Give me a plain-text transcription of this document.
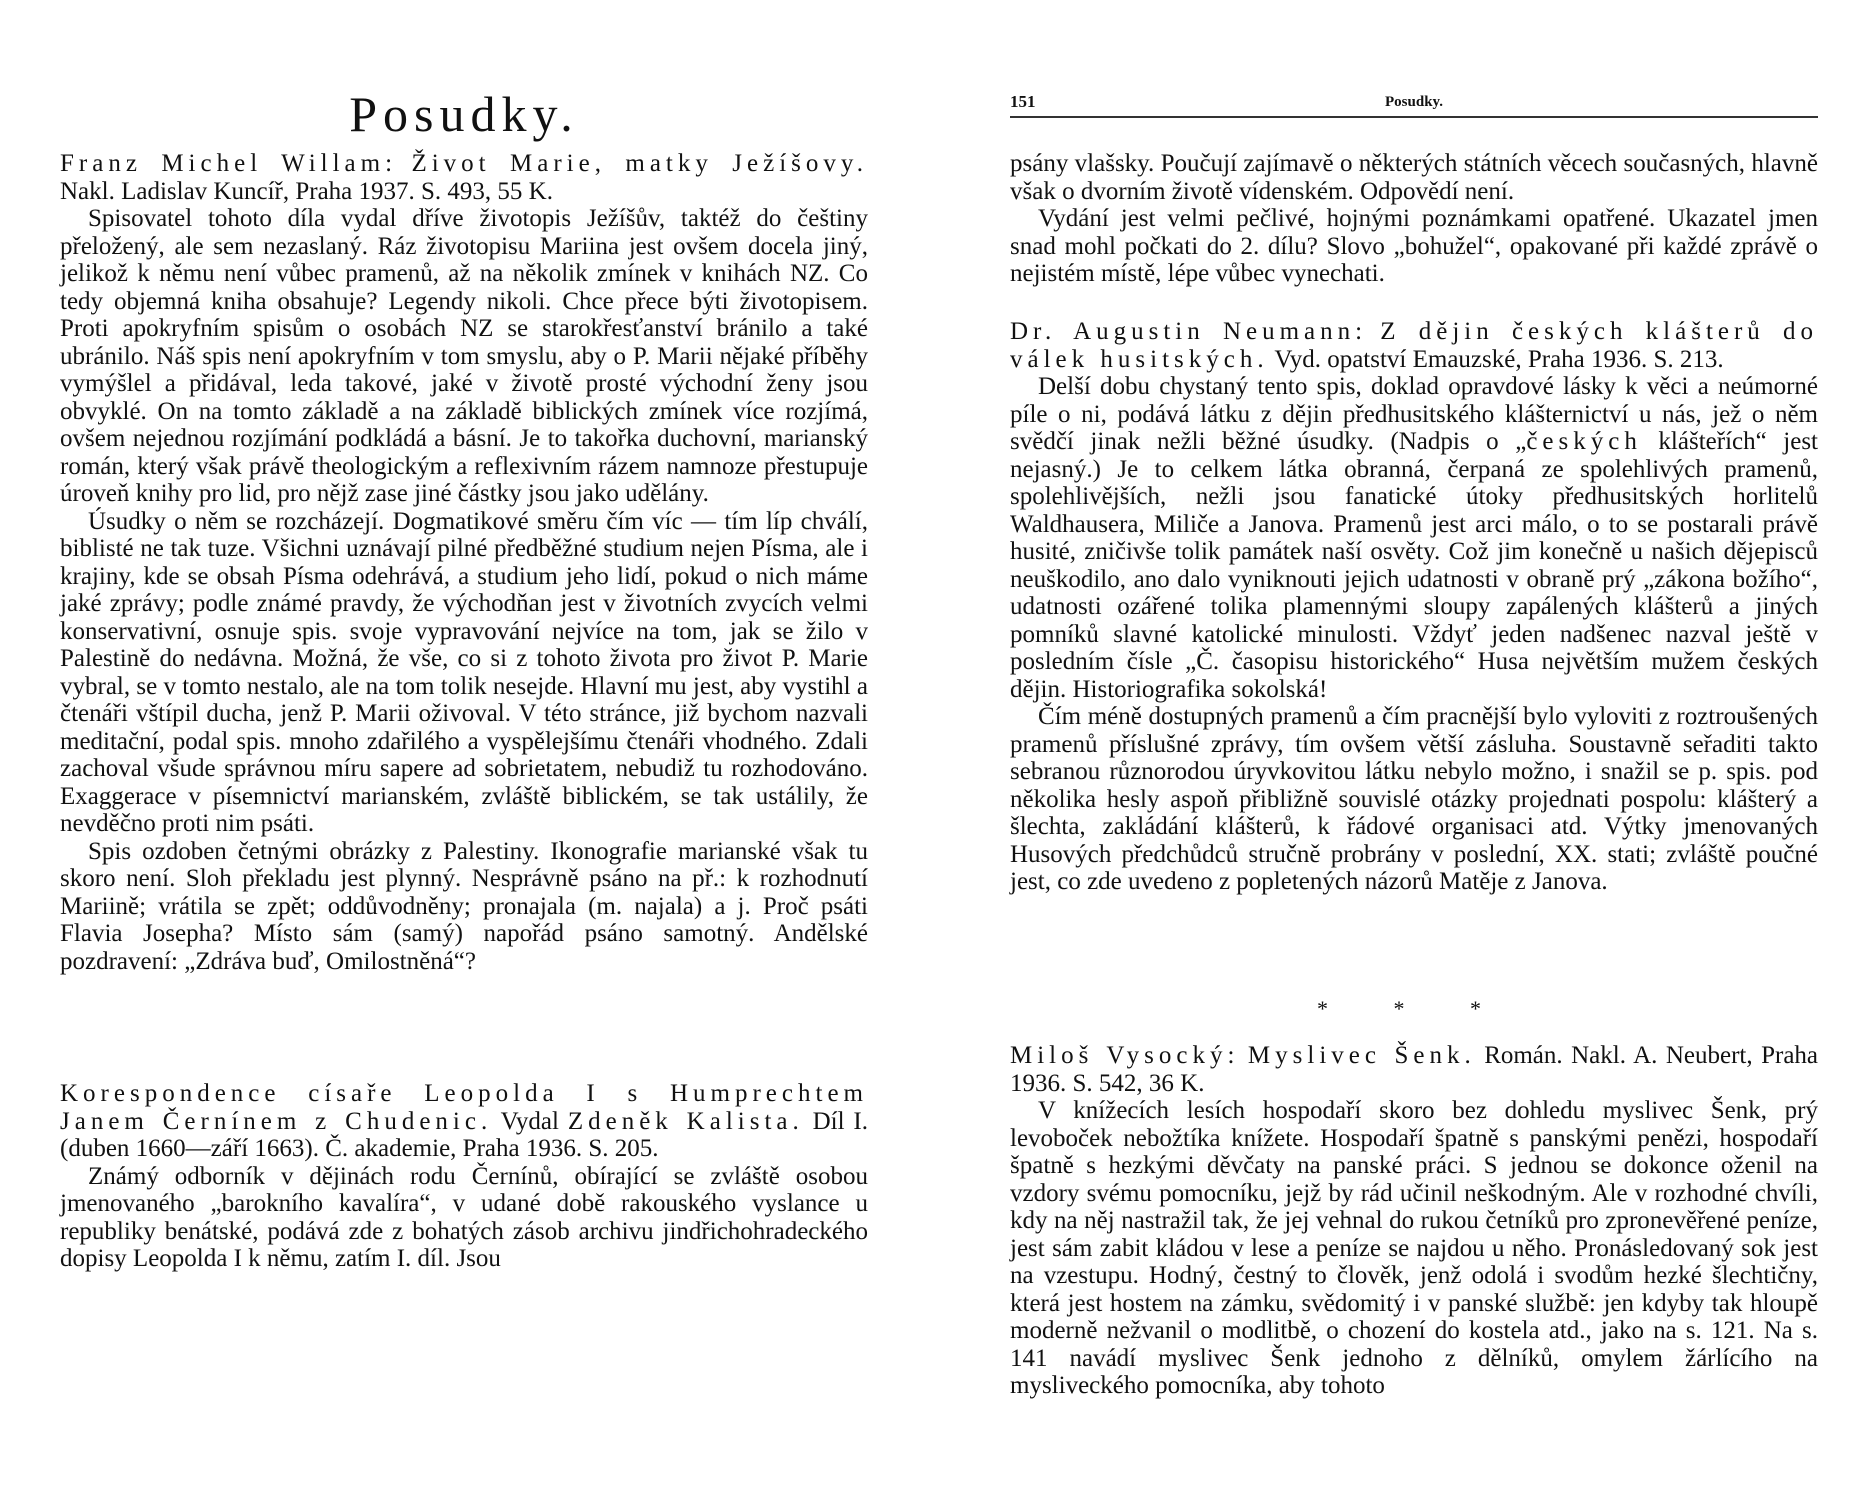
Posudky.

Franz Michel Willam: Život Marie, matky Ježíšovy. Nakl. Ladislav Kuncíř, Praha 1937. S. 493, 55 K.

Spisovatel tohoto díla vydal dříve životopis Ježíšův, taktéž do češtiny přeložený, ale sem nezaslaný. Ráz životopisu Mariina jest ovšem docela jiný, jelikož k němu není vůbec pramenů, až na několik zmínek v knihách NZ. Co tedy objemná kniha obsahuje? Legendy nikoli. Chce přece býti životopisem. Proti apokryfním spisům o osobách NZ se starokřesťanství bránilo a také ubránilo. Náš spis není apokryfním v tom smyslu, aby o P. Marii nějaké příběhy vymýšlel a přidával, leda takové, jaké v životě prosté východní ženy jsou obvyklé. On na tomto základě a na základě biblických zmínek více rozjímá, ovšem nejednou rozjímání podkládá a básní. Je to takořka duchovní, marianský román, který však právě theologickým a reflexivním rázem namnoze přestupuje úroveň knihy pro lid, pro nějž zase jiné částky jsou jako udělány.

Úsudky o něm se rozcházejí. Dogmatikové směru čím víc — tím líp chválí, biblisté ne tak tuze. Všichni uznávají pilné předběžné studium nejen Písma, ale i krajiny, kde se obsah Písma odehrává, a studium jeho lidí, pokud o nich máme jaké zprávy; podle známé pravdy, že východňan jest v životních zvycích velmi konservativní, osnuje spis. svoje vypravování nejvíce na tom, jak se žilo v Palestině do nedávna. Možná, že vše, co si z tohoto života pro život P. Marie vybral, se v tomto nestalo, ale na tom tolik nesejde. Hlavní mu jest, aby vystihl a čtenáři vštípil ducha, jenž P. Marii oživoval. V této stránce, již bychom nazvali meditační, podal spis. mnoho zdařilého a vyspělejšímu čtenáři vhodného. Zdali zachoval všude správnou míru sapere ad sobrietatem, nebudiž tu rozhodováno. Exaggerace v písemnictví marianském, zvláště biblickém, se tak ustálily, že nevděčno proti nim psáti.

Spis ozdoben četnými obrázky z Palestiny. Ikonografie marianské však tu skoro není. Sloh překladu jest plynný. Nesprávně psáno na př.: k rozhodnutí Mariině; vrátila se zpět; oddůvodněny; pronajala (m. najala) a j. Proč psáti Flavia Josepha? Místo sám (samý) napořád psáno samotný. Andělské pozdravení: „Zdráva buď, Omilostněná“?

Korespondence císaře Leopolda I s Humprechtem Janem Černínem z Chudenic. Vydal Zdeněk Kalista. Díl I. (duben 1660—září 1663). Č. akademie, Praha 1936. S. 205.

Známý odborník v dějinách rodu Černínů, obírající se zvláště osobou jmenovaného „barokního kavalíra“, v udané době rakouského vyslance u republiky benátské, podává zde z bohatých zásob archivu jindřichohradeckého dopisy Leopolda I k němu, zatím I. díl. Jsou

151	Posudky.

psány vlašsky. Poučují zajímavě o některých státních věcech současných, hlavně však o dvorním životě vídenském. Odpovědí není.

Vydání jest velmi pečlivé, hojnými poznámkami opatřené. Ukazatel jmen snad mohl počkati do 2. dílu? Slovo „bohužel“, opakované při každé zprávě o nejistém místě, lépe vůbec vynechati.

Dr. Augustin Neumann: Z dějin českých klášterů do válek husitských. Vyd. opatství Emauzské, Praha 1936. S. 213.

Delší dobu chystaný tento spis, doklad opravdové lásky k věci a neúmorné píle o ni, podává látku z dějin předhusitského klášternictví u nás, jež o něm svědčí jinak nežli běžné úsudky. (Nadpis o „českých klášteřích“ jest nejasný.) Je to celkem látka obranná, čerpaná ze spolehlivých pramenů, spolehlivějších, nežli jsou fanatické útoky předhusitských horlitelů Waldhausera, Miliče a Janova. Pramenů jest arci málo, o to se postarali právě husité, zničivše tolik památek naší osvěty. Což jim konečně u našich dějepisců neuškodilo, ano dalo vyniknouti jejich udatnosti v obraně prý „zákona božího“, udatnosti ozářené tolika plamennými sloupy zapálených klášterů a jiných pomníků slavné katolické minulosti. Vždyť jeden nadšenec nazval ještě v posledním čísle „Č. časopisu historického“ Husa největším mužem českých dějin. Historiografika sokolská!

Čím méně dostupných pramenů a čím pracnější bylo vyloviti z roztroušených pramenů příslušné zprávy, tím ovšem větší zásluha. Soustavně seřaditi takto sebranou různorodou úryvkovitou látku nebylo možno, i snažil se p. spis. pod několika hesly aspoň přibližně souvislé otázky projednati pospolu: klášterý a šlechta, zakládání klášterů, k řádové organisaci atd. Výtky jmenovaných Husových předchůdců stručně probrány v poslední, XX. stati; zvláště poučné jest, co zde uvedeno z popletených názorů Matěje z Janova.

* * *

Miloš Vysocký: Myslivec Šenk. Román. Nakl. A. Neubert, Praha 1936. S. 542, 36 K.

V knížecích lesích hospodaří skoro bez dohledu myslivec Šenk, prý levoboček nebožtíka knížete. Hospodaří špatně s panskými penězi, hospodaří špatně s hezkými děvčaty na panské práci. S jednou se dokonce oženil na vzdory svému pomocníku, jejž by rád učinil neškodným. Ale v rozhodné chvíli, kdy na něj nastražil tak, že jej vehnal do rukou četníků pro zpronevěřené peníze, jest sám zabit kládou v lese a peníze se najdou u něho. Pronásledovaný sok jest na vzestupu. Hodný, čestný to člověk, jenž odolá i svodům hezké šlechtičny, která jest hostem na zámku, svědomitý i v panské službě: jen kdyby tak hloupě moderně nežvanil o modlitbě, o chození do kostela atd., jako na s. 121. Na s. 141 navádí myslivec Šenk jednoho z dělníků, omylem žárlícího na mysliveckého pomocníka, aby tohoto
